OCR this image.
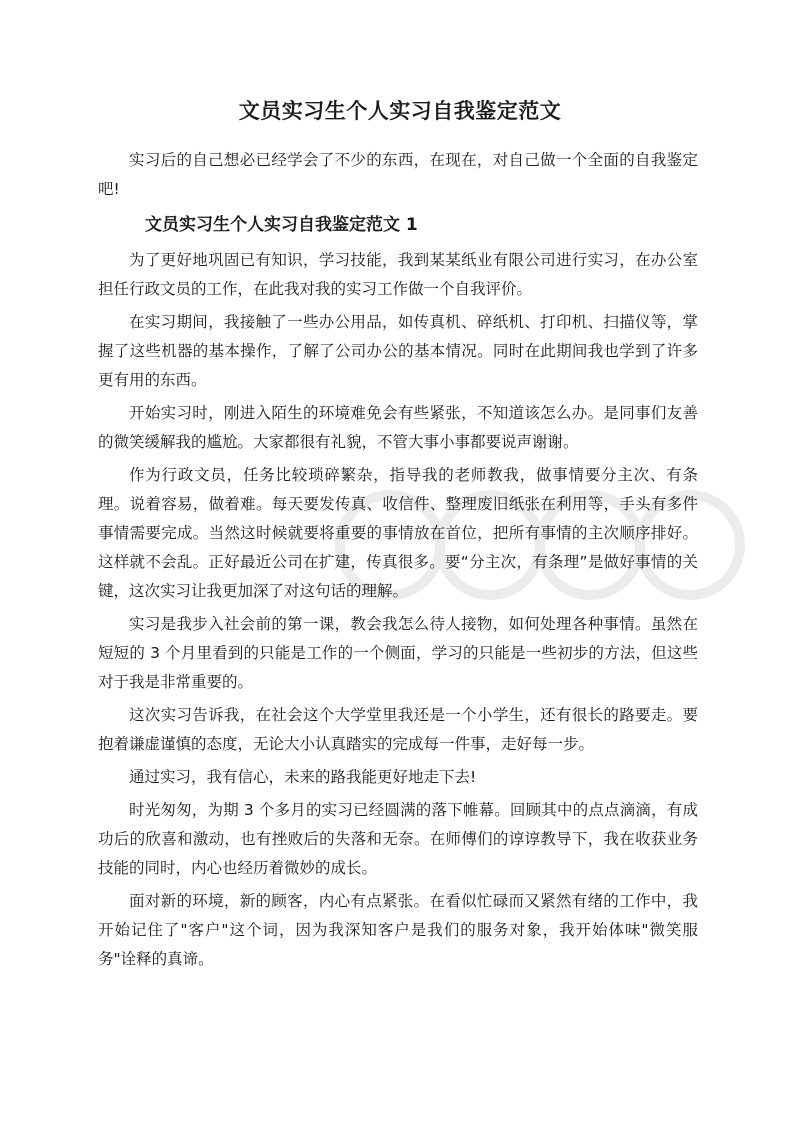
文员实习生个人实习自我鉴定范文

实习后的自己想必已经学会了不少的东西，在现在，对自己做一个全面的自我鉴定吧!

文员实习生个人实习自我鉴定范文 1

为了更好地巩固已有知识，学习技能，我到某某纸业有限公司进行实习，在办公室担任行政文员的工作，在此我对我的实习工作做一个自我评价。

在实习期间，我接触了一些办公用品，如传真机、碎纸机、打印机、扫描仪等，掌握了这些机器的基本操作，了解了公司办公的基本情况。同时在此期间我也学到了许多更有用的东西。

开始实习时，刚进入陌生的环境难免会有些紧张，不知道该怎么办。是同事们友善的微笑缓解我的尴尬。大家都很有礼貌，不管大事小事都要说声谢谢。

作为行政文员，任务比较琐碎繁杂，指导我的老师教我，做事情要分主次、有条理。说着容易，做着难。每天要发传真、收信件、整理废旧纸张在利用等，手头有多件事情需要完成。当然这时候就要将重要的事情放在首位，把所有事情的主次顺序排好。这样就不会乱。正好最近公司在扩建，传真很多。要“分主次，有条理”是做好事情的关键，这次实习让我更加深了对这句话的理解。

实习是我步入社会前的第一课，教会我怎么待人接物，如何处理各种事情。虽然在短短的 3 个月里看到的只能是工作的一个侧面，学习的只能是一些初步的方法，但这些对于我是非常重要的。

这次实习告诉我，在社会这个大学堂里我还是一个小学生，还有很长的路要走。要抱着谦虚谨慎的态度，无论大小认真踏实的完成每一件事，走好每一步。

通过实习，我有信心，未来的路我能更好地走下去!

时光匆匆，为期 3 个多月的实习已经圆满的落下帷幕。回顾其中的点点滴滴，有成功后的欣喜和激动，也有挫败后的失落和无奈。在师傅们的谆谆教导下，我在收获业务技能的同时，内心也经历着微妙的成长。

面对新的环境，新的顾客，内心有点紧张。在看似忙碌而又紧然有绪的工作中，我开始记住了"客户"这个词，因为我深知客户是我们的服务对象，我开始体味"微笑服务"诠释的真谛。
